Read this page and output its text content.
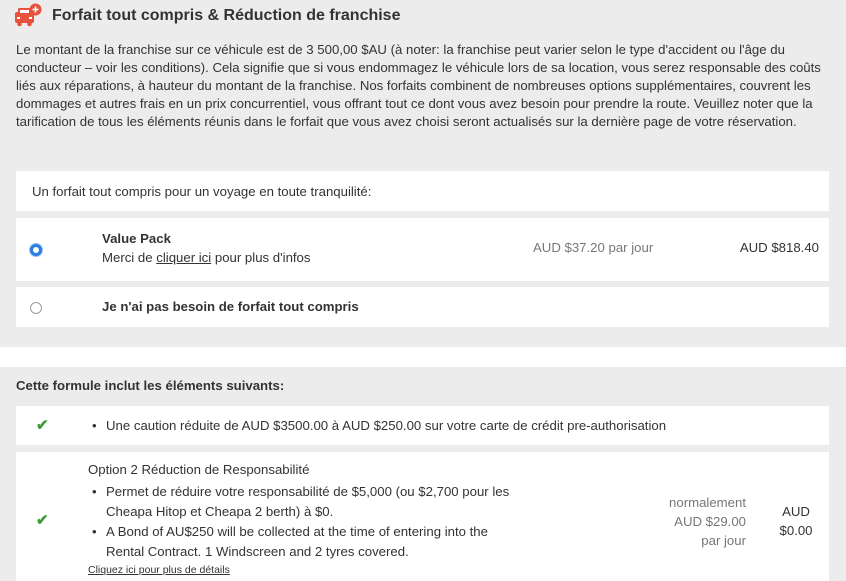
Forfait tout compris & Réduction de franchise
Le montant de la franchise sur ce véhicule est de 3 500,00 $AU (à noter: la franchise peut varier selon le type d'accident ou l'âge du conducteur – voir les conditions). Cela signifie que si vous endommagez le véhicule lors de sa location, vous serez responsable des coûts liés aux réparations, à hauteur du montant de la franchise. Nos forfaits combinent de nombreuses options supplémentaires, couvrent les dommages et autres frais en un prix concurrentiel, vous offrant tout ce dont vous avez besoin pour prendre la route. Veuillez noter que la tarification de tous les éléments réunis dans le forfait que vous avez choisi seront actualisés sur la dernière page de votre réservation.
Un forfait tout compris pour un voyage en toute tranquilité:
Value Pack
Merci de cliquer ici pour plus d'infos
AUD $37.20 par jour	AUD $818.40
Je n'ai pas besoin de forfait tout compris
Cette formule inclut les éléments suivants:
✔
•	Une caution réduite de AUD $3500.00 à AUD $250.00 sur votre carte de crédit pre-authorisation
✔
Option 2 Réduction de Responsabilité
• Permet de réduire votre responsabilité de $5,000 (ou $2,700 pour les Cheapa Hitop et Cheapa 2 berth) à $0.
• A Bond of AU$250 will be collected at the time of entering into the Rental Contract. 1 Windscreen and 2 tyres covered.
Cliquez ici pour plus de détails
normalement
AUD $29.00
par jour
AUD
$0.00
